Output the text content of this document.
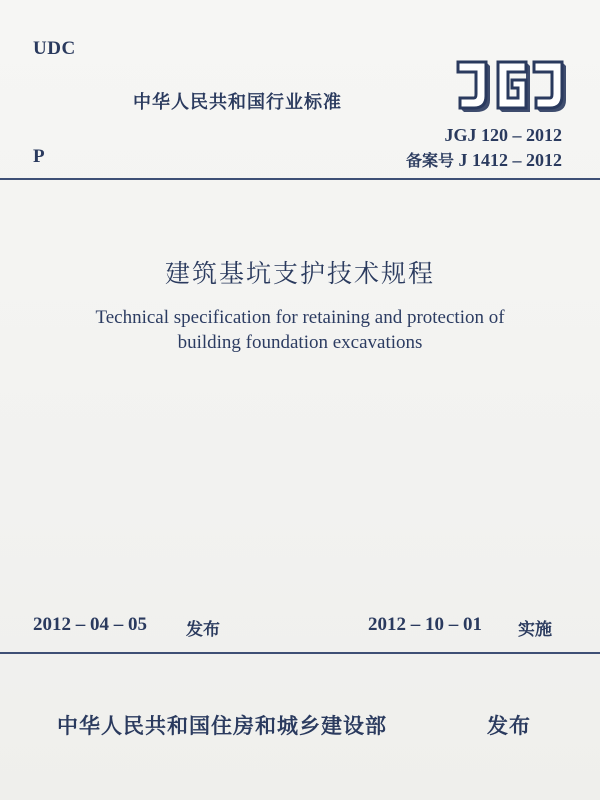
UDC
中华人民共和国行业标准
JGJ 120 – 2012
备案号 J 1412 – 2012
P
建筑基坑支护技术规程
Technical specification for retaining and protection of
building foundation excavations
2012 – 04 – 05 发布	2012 – 10 – 01 实施
中华人民共和国住房和城乡建设部	发布
